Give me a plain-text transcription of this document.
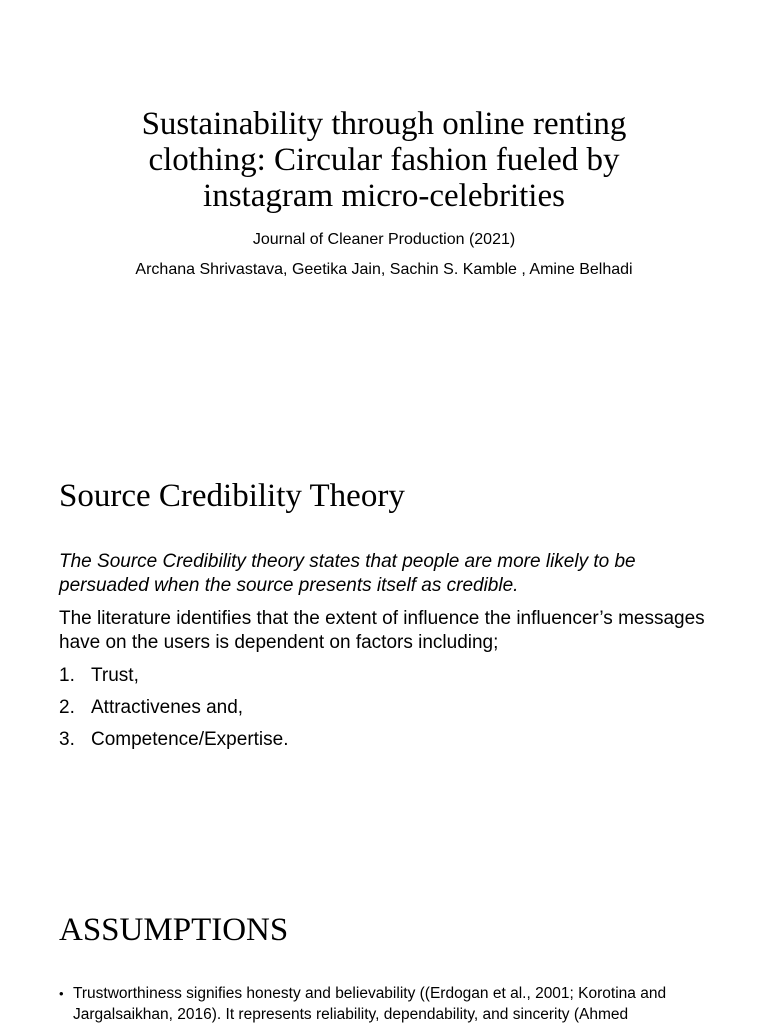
Sustainability through online renting
clothing: Circular fashion fueled by
instagram micro-celebrities
Journal of Cleaner Production (2021)
Archana Shrivastava, Geetika Jain, Sachin S. Kamble , Amine Belhadi
Source Credibility Theory
The Source Credibility theory states that people are more likely to be persuaded when the source presents itself as credible.
The literature identifies that the extent of influence the influencer’s messages have on the users is dependent on factors including;
1. Trust,
2. Attractivenes and,
3. Competence/Expertise.
ASSUMPTIONS
• Trustworthiness signifies honesty and believability ((Erdogan et al., 2001; Korotina and Jargalsaikhan, 2016). It represents reliability, dependability, and sincerity (Ahmed
